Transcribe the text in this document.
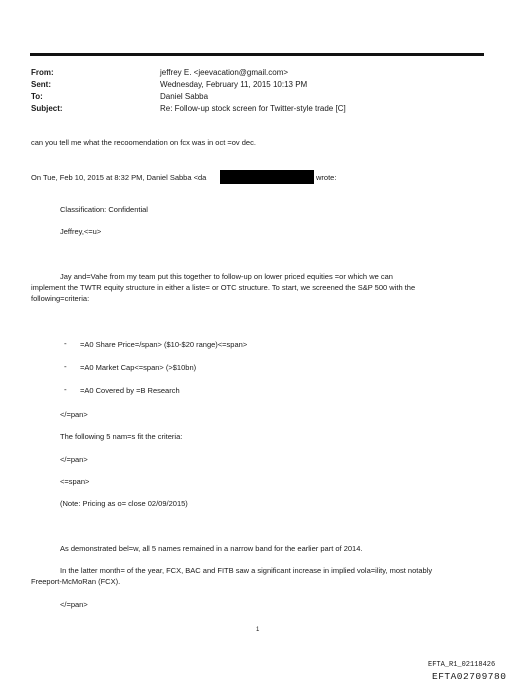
From:	jeffrey E. <jeevacation@gmail.com>
Sent:	Wednesday, February 11, 2015 10:13 PM
To:	Daniel Sabba
Subject:	Re: Follow-up stock screen for Twitter-style trade [C]
can you tell me what the recoomendation on fcx was in oct =ov dec.
On Tue, Feb 10, 2015 at 8:32 PM, Daniel Sabba <da	wrote:
Classification: Confidential
Jeffrey,<=u>
Jay and=Vahe from my team put this together to follow-up on lower priced equities =or which we can
implement the TWTR equity structure in either a liste= or OTC structure. To start, we screened the S&P 500 with the
following=criteria:
- =A0 Share Price=/span> ($10-$20 range)<=span>
- =A0 Market Cap<=span> (>$10bn)
- =A0 Covered by =B Research
</=pan>
The following 5 nam=s fit the criteria:
</=pan>
<=span>
(Note: Pricing as o= close 02/09/2015)
As demonstrated bel=w, all 5 names remained in a narrow band for the earlier part of 2014.
In the latter month= of the year, FCX, BAC and FITB saw a significant increase in implied vola=ility, most notably
Freeport-McMoRan (FCX).
</=pan>
1
EFTA_R1_02118426
EFTA02709780
